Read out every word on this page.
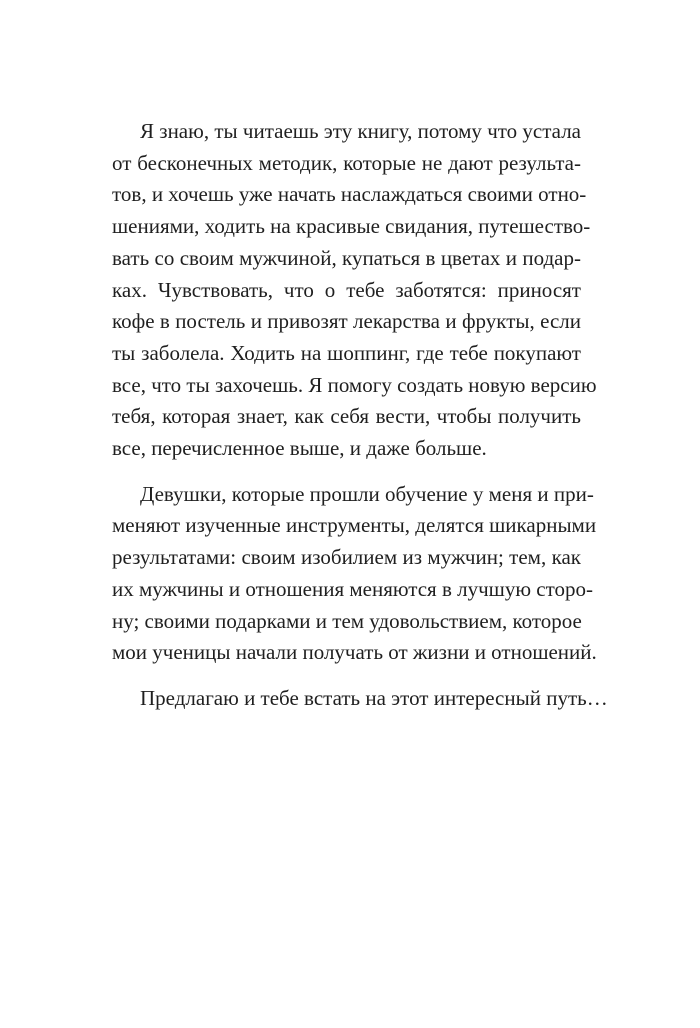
Я знаю, ты читаешь эту книгу, потому что устала
от бесконечных методик, которые не дают результа-
тов, и хочешь уже начать наслаждаться своими отно-
шениями, ходить на красивые свидания, путешество-
вать со своим мужчиной, купаться в цветах и подар-
ках. Чувствовать, что о тебе заботятся: приносят
кофе в постель и привозят лекарства и фрукты, если
ты заболела. Ходить на шоппинг, где тебе покупают
все, что ты захочешь. Я помогу создать новую версию
тебя, которая знает, как себя вести, чтобы получить
все, перечисленное выше, и даже больше.

Девушки, которые прошли обучение у меня и при-
меняют изученные инструменты, делятся шикарными
результатами: своим изобилием из мужчин; тем, как
их мужчины и отношения меняются в лучшую сторо-
ну; своими подарками и тем удовольствием, которое
мои ученицы начали получать от жизни и отношений.

Предлагаю и тебе встать на этот интересный путь…
